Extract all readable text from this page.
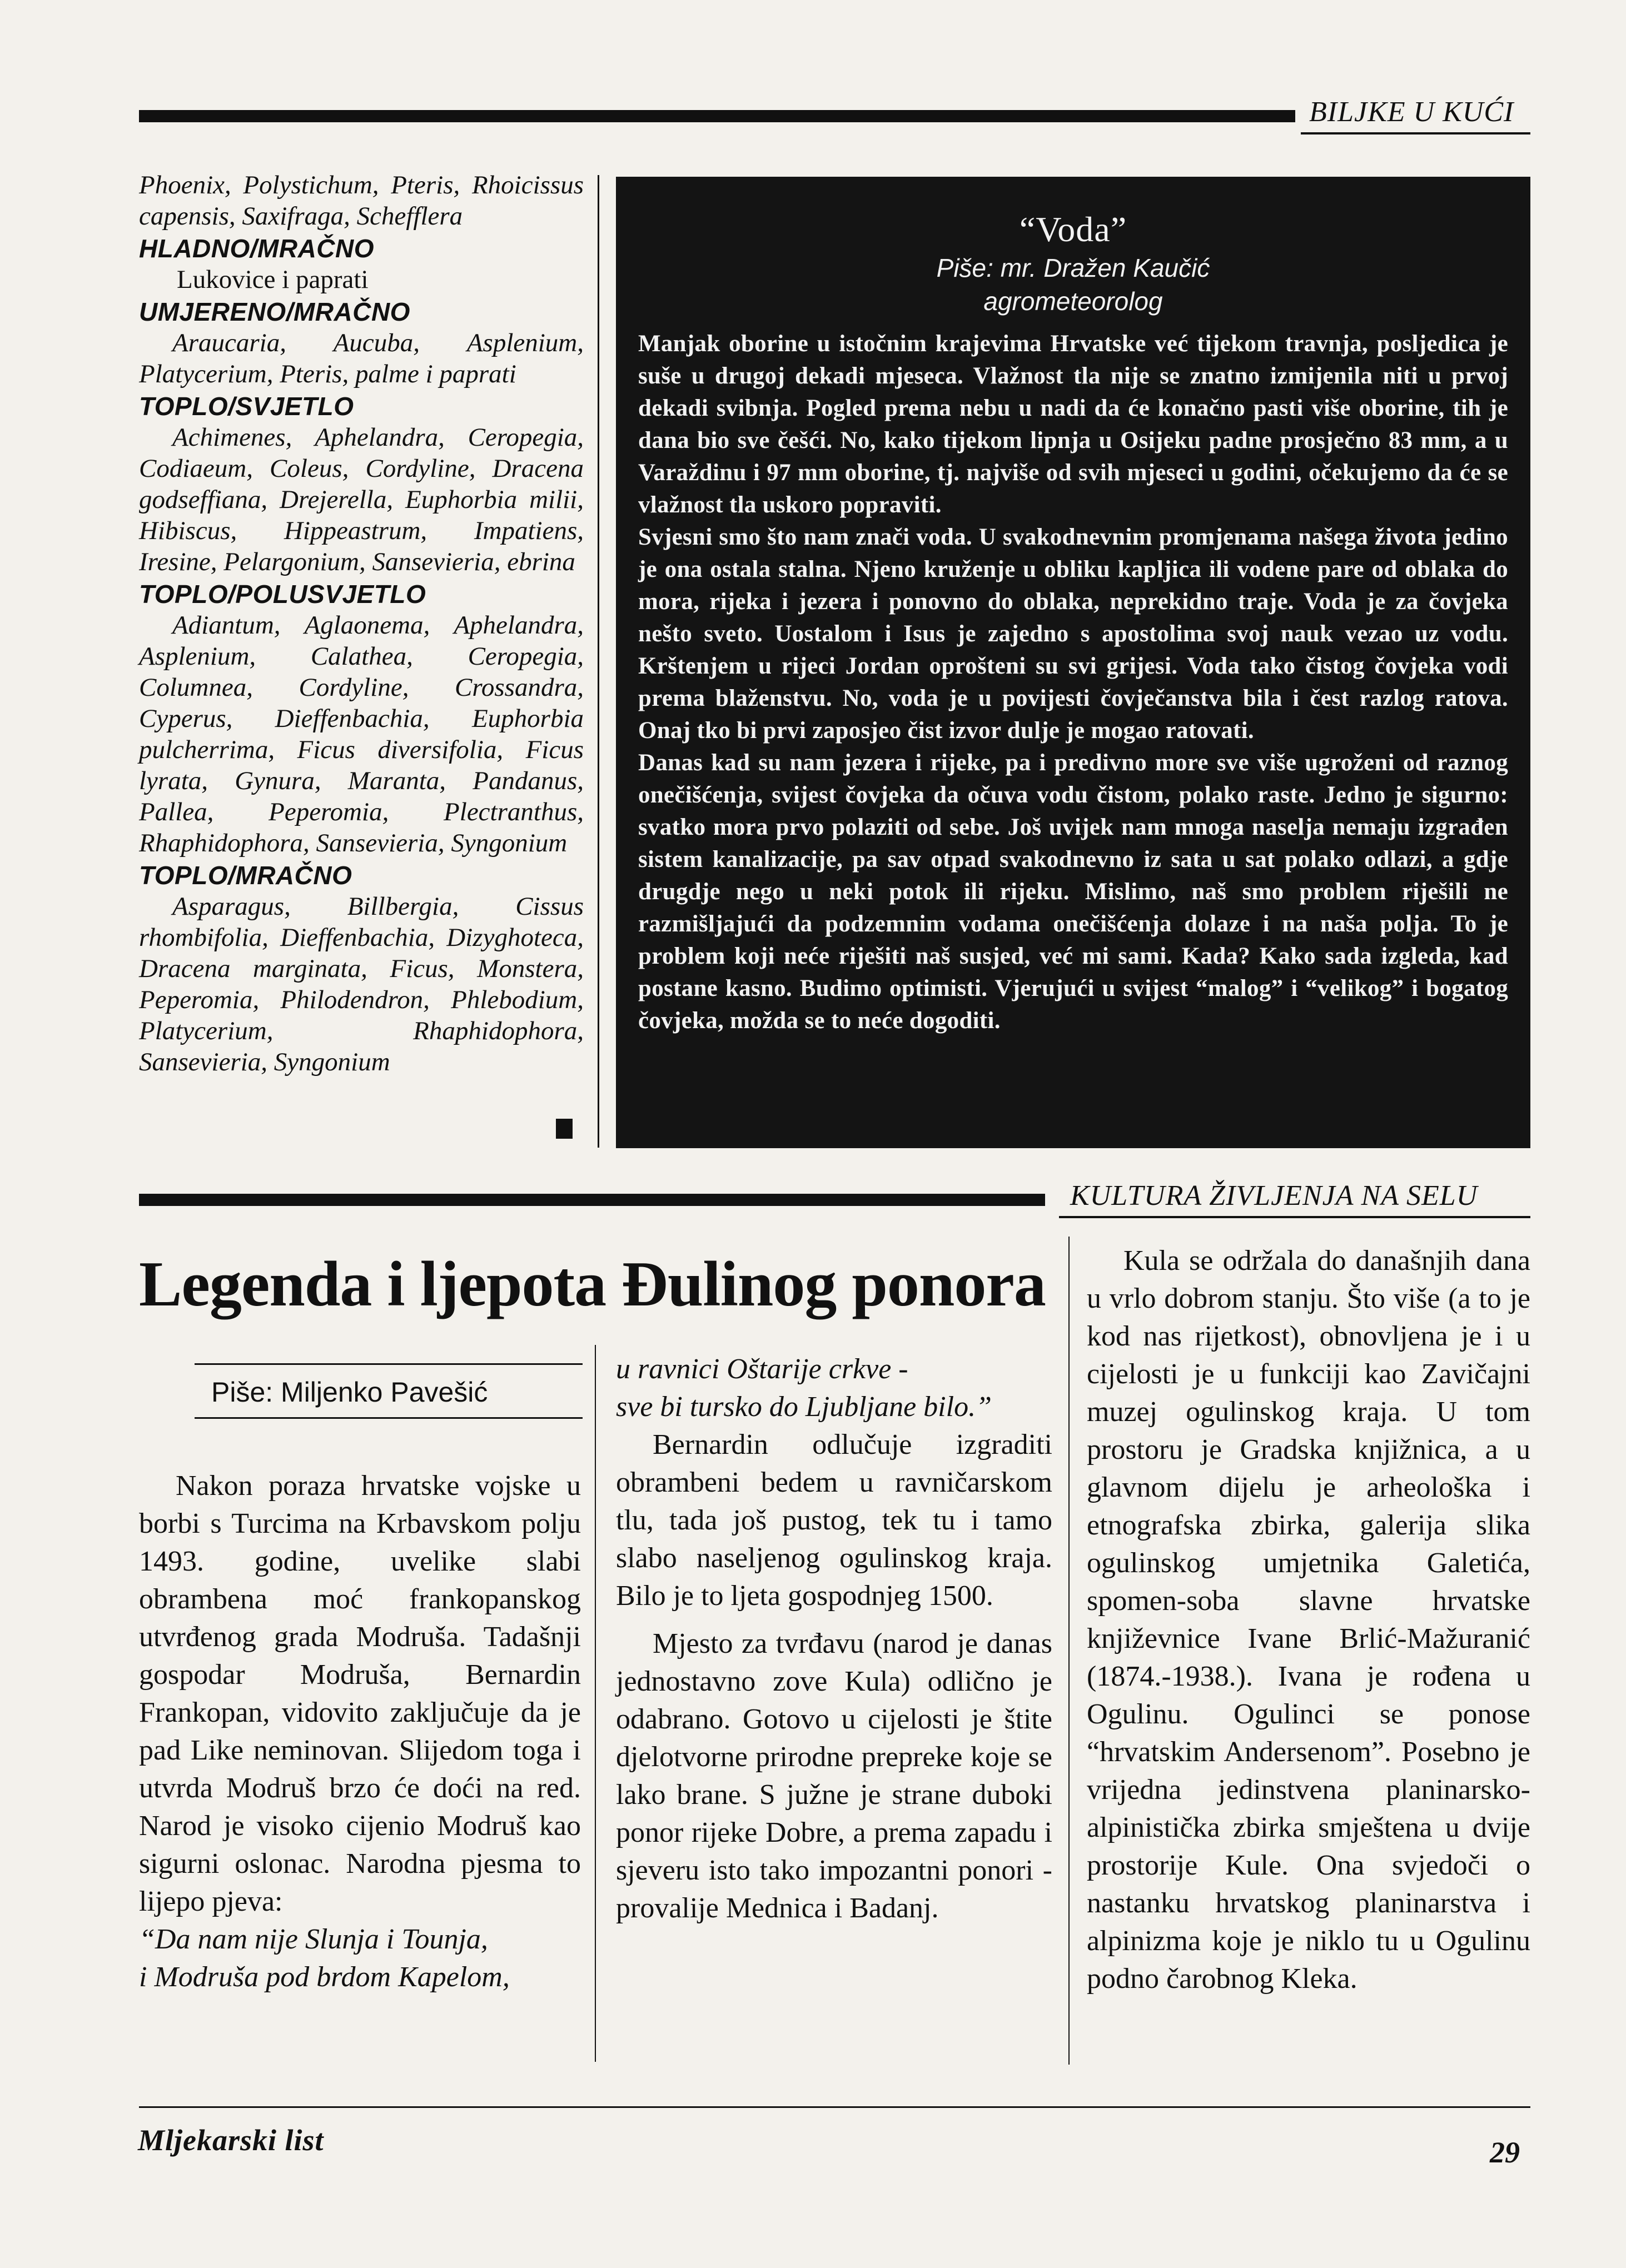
BILJKE U KUĆI
Phoenix, Polystichum, Pteris, Rhoicissus capensis, Saxifraga, Schefflera
HLADNO/MRAČNO
Lukovice i paprati
UMJERENO/MRAČNO
Araucaria, Aucuba, Asplenium, Platycerium, Pteris, palme i paprati
TOPLO/SVJETLO
Achimenes, Aphelandra, Ceropegia, Codiaeum, Coleus, Cordyline, Dracena godseffiana, Drejerella, Euphorbia milii, Hibiscus, Hippeastrum, Impatiens, Iresine, Pelargonium, Sansevieria, ebrina
TOPLO/POLUSVJETLO
Adiantum, Aglaonema, Aphelandra, Asplenium, Calathea, Ceropegia, Columnea, Cordyline, Crossandra, Cyperus, Dieffenbachia, Euphorbia pulcherrima, Ficus diversifolia, Ficus lyrata, Gynura, Maranta, Pandanus, Pallea, Peperomia, Plectranthus, Rhaphidophora, Sansevieria, Syngonium
TOPLO/MRAČNO
Asparagus, Billbergia, Cissus rhombifolia, Dieffenbachia, Dizyghoteca, Dracena marginata, Ficus, Monstera, Peperomia, Philodendron, Phlebodium, Platycerium, Rhaphidophora, Sansevieria, Syngonium
“Voda”
Piše: mr. Dražen Kaučić
agrometeorolog

Manjak oborine u istočnim krajevima Hrvatske već tijekom travnja, posljedica je suše u drugoj dekadi mjeseca. Vlažnost tla nije se znatno izmijenila niti u prvoj dekadi svibnja. Pogled prema nebu u nadi da će konačno pasti više oborine, tih je dana bio sve češći. No, kako tijekom lipnja u Osijeku padne prosječno 83 mm, a u Varaždinu i 97 mm oborine, tj. najviše od svih mjeseci u godini, očekujemo da će se vlažnost tla uskoro popraviti.

Svjesni smo što nam znači voda. U svakodnevnim promjenama našega života jedino je ona ostala stalna. Njeno kruženje u obliku kapljica ili vodene pare od oblaka do mora, rijeka i jezera i ponovno do oblaka, neprekidno traje. Voda je za čovjeka nešto sveto. Uostalom i Isus je zajedno s apostolima svoj nauk vezao uz vodu. Krštenjem u rijeci Jordan oprošteni su svi grijesi. Voda tako čistog čovjeka vodi prema blaženstvu. No, voda je u povijesti čovječanstva bila i čest razlog ratova. Onaj tko bi prvi zaposjeo čist izvor dulje je mogao ratovati.

Danas kad su nam jezera i rijeke, pa i predivno more sve više ugroženi od raznog onečišćenja, svijest čovjeka da očuva vodu čistom, polako raste. Jedno je sigurno: svatko mora prvo polaziti od sebe. Još uvijek nam mnoga naselja nemaju izgrađen sistem kanalizacije, pa sav otpad svakodnevno iz sata u sat polako odlazi, a gdje drugdje nego u neki potok ili rijeku. Mislimo, naš smo problem riješili ne razmišljajući da podzemnim vodama onečišćenja dolaze i na naša polja. To je problem koji neće riješiti naš susjed, već mi sami. Kada? Kako sada izgleda, kad postane kasno. Budimo optimisti. Vjerujući u svijest “malog” i “velikog” i bogatog čovjeka, možda se to neće dogoditi.

KULTURA ŽIVLJENJA NA SELU
Legenda i ljepota Đulinog ponora
Piše: Miljenko Pavešić

Nakon poraza hrvatske vojske u borbi s Turcima na Krbavskom polju 1493. godine, uvelike slabi obrambena moć frankopanskog utvrđenog grada Modruša. Tadašnji gospodar Modruša, Bernardin Frankopan, vidovito zaključuje da je pad Like neminovan. Slijedom toga i utvrda Modruš brzo će doći na red. Narod je visoko cijenio Modruš kao sigurni oslonac. Narodna pjesma to lijepo pjeva:

“Da nam nije Slunja i Tounja,

i Modruša pod brdom Kapelom,

u ravnici Oštarije crkve -

sve bi tursko do Ljubljane bilo.”

Bernardin odlučuje izgraditi obrambeni bedem u ravničarskom tlu, tada još pustog, tek tu i tamo slabo naseljenog ogulinskog kraja. Bilo je to ljeta gospodnjeg 1500.

Mjesto za tvrđavu (narod je danas jednostavno zove Kula) odlično je odabrano. Gotovo u cijelosti je štite djelotvorne prirodne prepreke koje se lako brane. S južne je strane duboki ponor rijeke Dobre, a prema zapadu i sjeveru isto tako impozantni ponori - provalije Mednica i Badanj.

Kula se održala do današnjih dana u vrlo dobrom stanju. Što više (a to je kod nas rijetkost), obnovljena je i u cijelosti je u funkciji kao Zavičajni muzej ogulinskog kraja. U tom prostoru je Gradska knjižnica, a u glavnom dijelu je arheološka i etnografska zbirka, galerija slika ogulinskog umjetnika Galetića, spomen-soba slavne hrvatske književnice Ivane Brlić-Mažuranić (1874.-1938.). Ivana je rođena u Ogulinu. Ogulinci se ponose “hrvatskim Andersenom”. Posebno je vrijedna jedinstvena planinarsko-alpinistička zbirka smještena u dvije prostorije Kule. Ona svjedoči o nastanku hrvatskog planinarstva i alpinizma koje je niklo tu u Ogulinu podno čarobnog Kleka.

Mljekarski list	29
